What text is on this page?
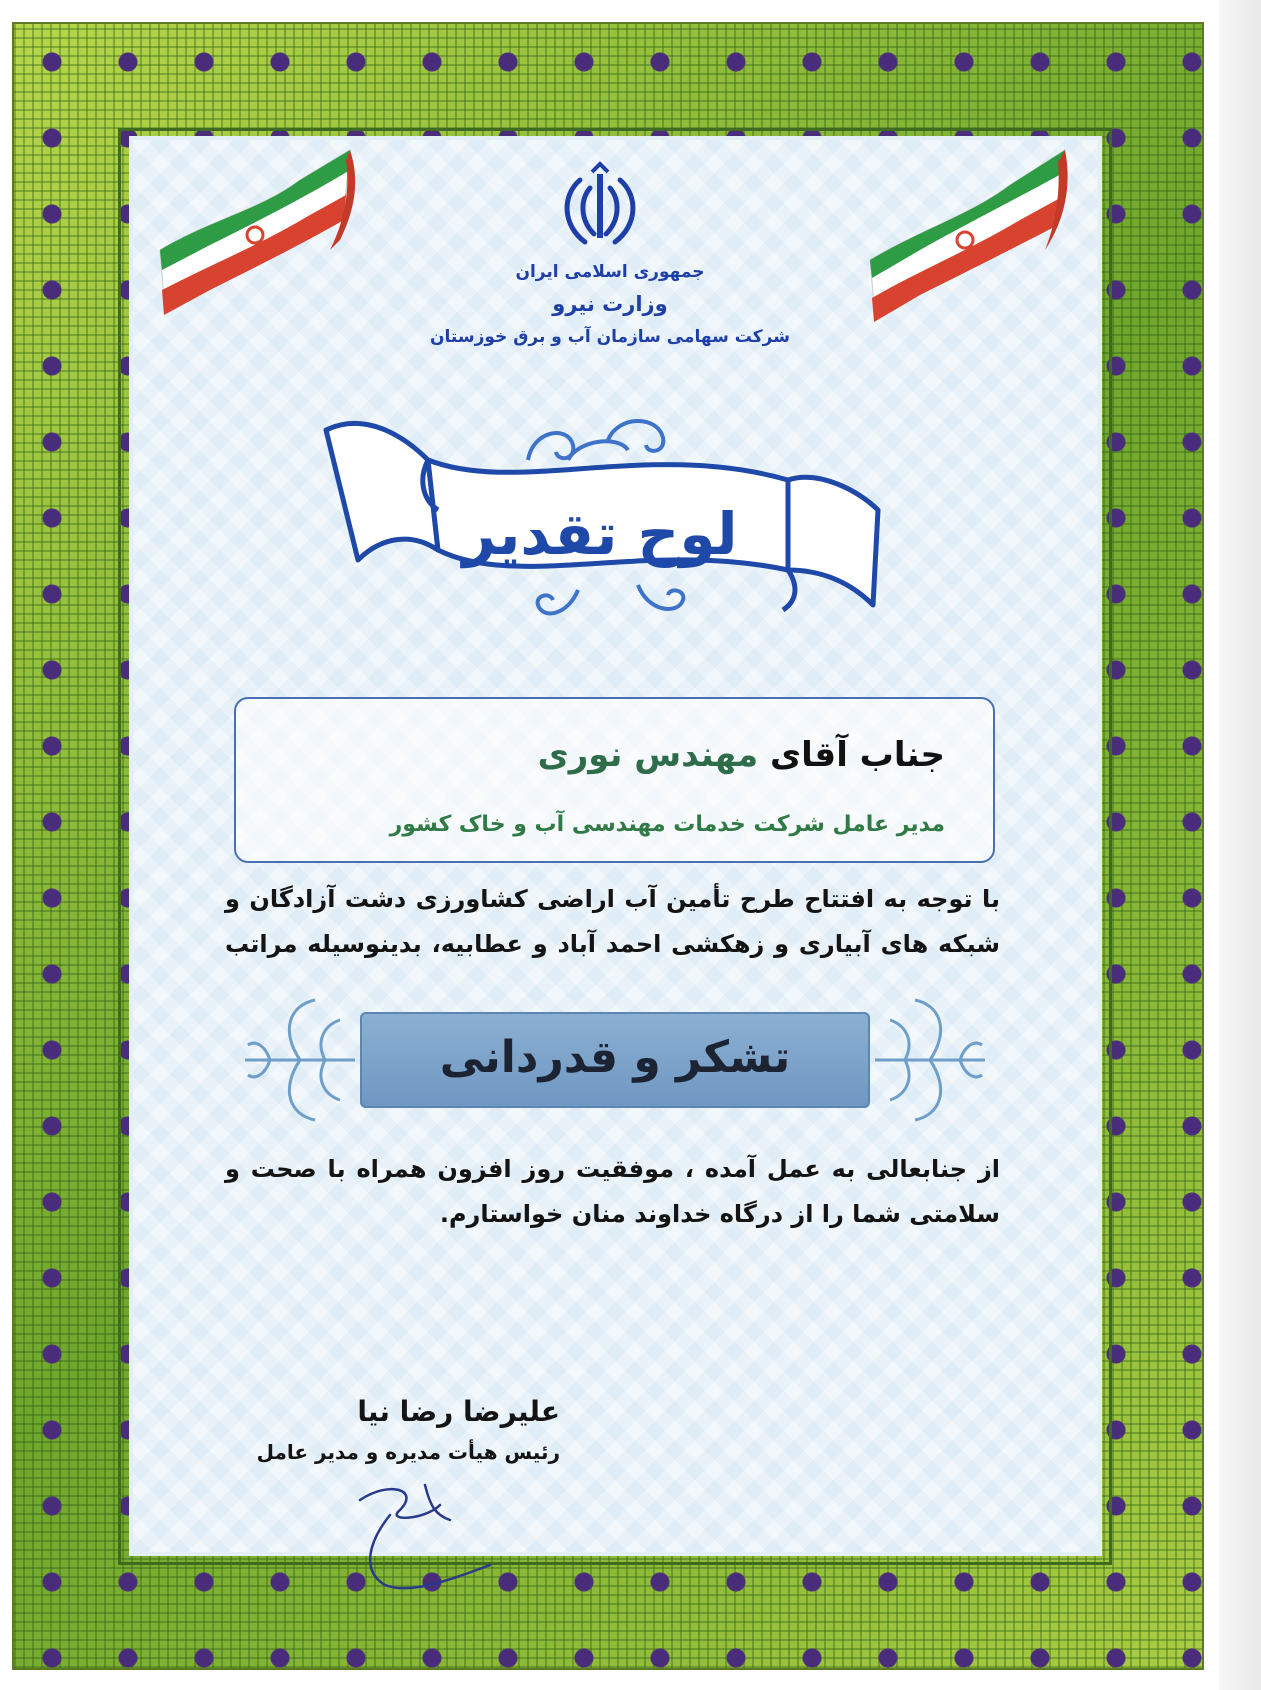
جمهوری اسلامی ایران
وزارت نیرو
شرکت سهامی سازمان آب و برق خوزستان
لوح تقدیر
جناب آقای مهندس نوری
مدیر عامل شرکت خدمات مهندسی آب و خاک کشور
با توجه به افتتاح طرح تأمین آب اراضی کشاورزی دشت آزادگان و
شبکه های آبیاری و زهکشی احمد آباد و عطابیه، بدینوسیله مراتب
تشکر و قدردانی
از جنابعالی به عمل آمده ، موفقیت روز افزون همراه با صحت و
سلامتی شما را از درگاه خداوند منان خواستارم.
علیرضا رضا نیا
رئیس هیأت مدیره و مدیر عامل
